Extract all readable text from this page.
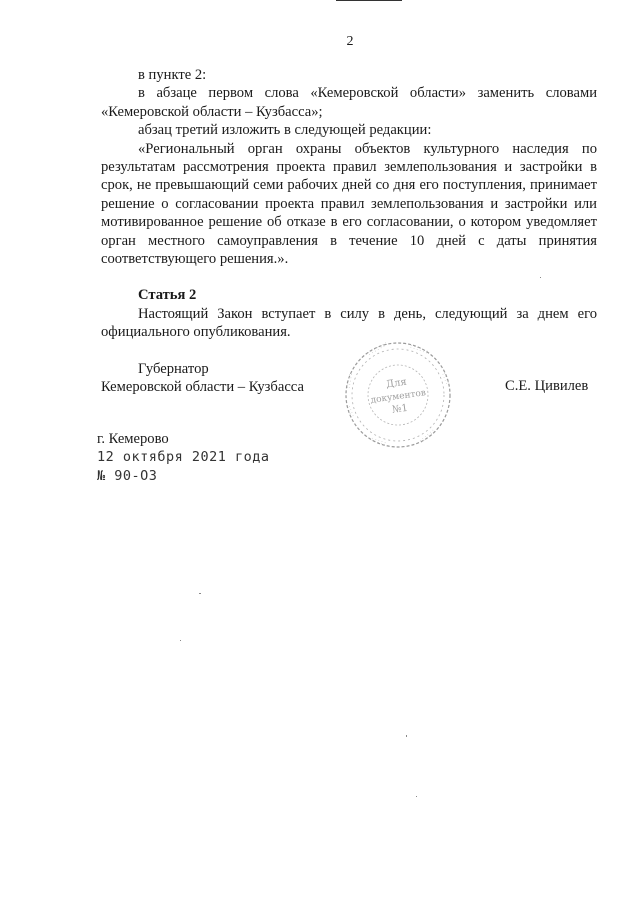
2

в пункте 2:

в абзаце первом слова «Кемеровской области» заменить словами «Кемеровской области – Кузбасса»;

абзац третий изложить в следующей редакции:

«Региональный орган охраны объектов культурного наследия по результатам рассмотрения проекта правил землепользования и застройки в срок, не превышающий семи рабочих дней со дня его поступления, принимает решение о согласовании проекта правил землепользования и застройки или мотивированное решение об отказе в его согласовании, о котором уведомляет орган местного самоуправления в течение 10 дней с даты принятия соответствующего решения.».

Статья 2

Настоящий Закон вступает в силу в день, следующий за днем его официального опубликования.

Губернатор
Кемеровской области – Кузбасса	: : : : :
: : : : : : :	: : : : : :
: : : :
: : : : : :
: : : : :
: : : :
Для
документов
№1
С.Е. Цивилев
г. Кемерово
12 октября 2021 года
№ 90-ОЗ
